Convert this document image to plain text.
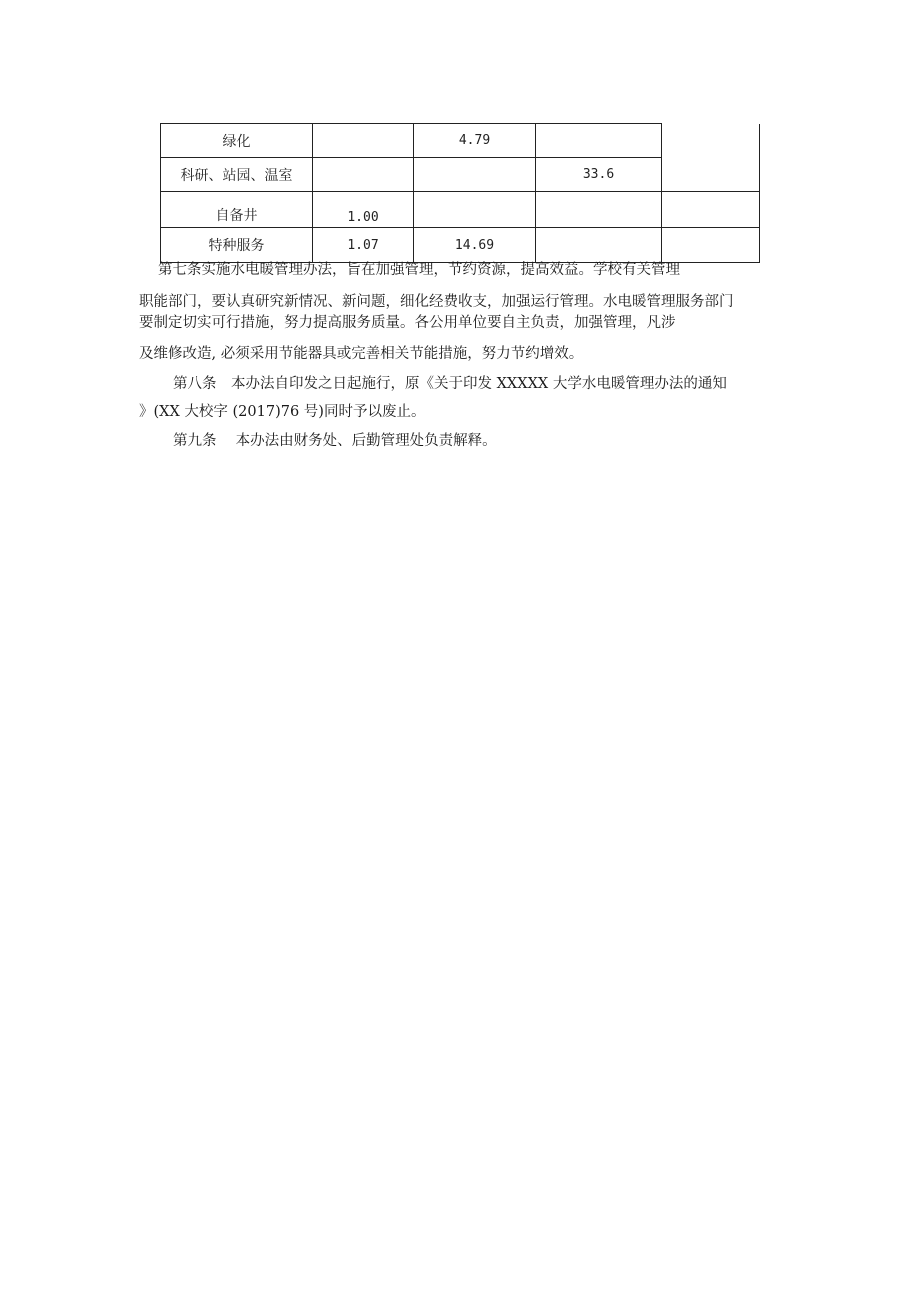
绿化		4.79		
科研、站园、温室			33.6	
自备井	1.00			
特种服务	1.07	14.69		
第七条实施水电暖管理办法，旨在加强管理，节约资源，提高效益。学校有关管理
职能部门，要认真研究新情况、新问题，细化经费收支，加强运行管理。水电暖管理服务部门
要制定切实可行措施，努力提高服务质量。各公用单位要自主负责，加强管理，凡涉
及维修改造, 必须采用节能器具或完善相关节能措施，努力节约增效。
第八条　本办法自印发之日起施行，原《关于印发 XXXXX 大学水电暖管理办法的通知
》(XX 大校字 (2017)76 号)同时予以废止。
第九条　 本办法由财务处、后勤管理处负责解释。
